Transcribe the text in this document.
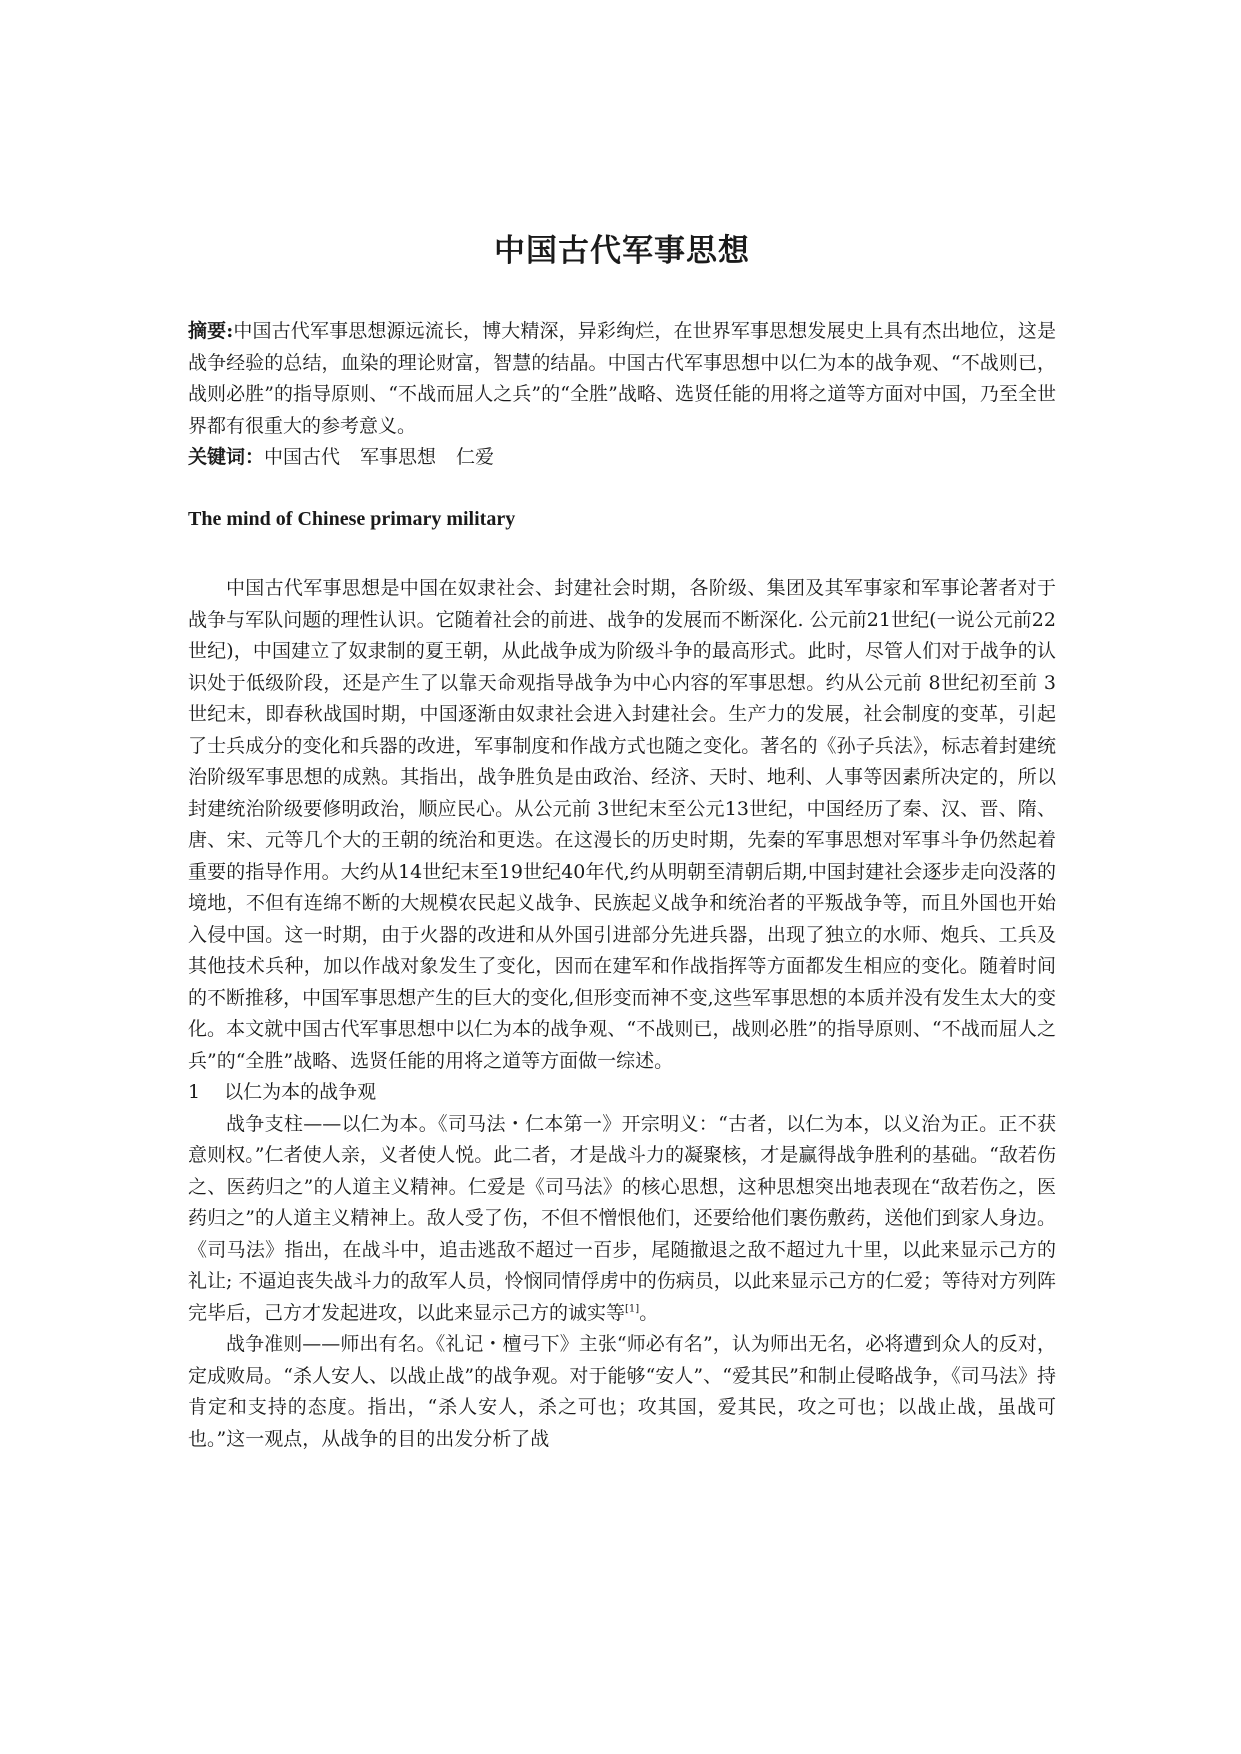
中国古代军事思想
摘要:中国古代军事思想源远流长，博大精深，异彩绚烂，在世界军事思想发展史上具有杰出地位，这是战争经验的总结，血染的理论财富，智慧的结晶。中国古代军事思想中以仁为本的战争观、“不战则已，战则必胜”的指导原则、“不战而屈人之兵”的“全胜”战略、选贤任能的用将之道等方面对中国，乃至全世界都有很重大的参考意义。
关键词：中国古代 军事思想 仁爱
The mind of Chinese primary military

中国古代军事思想是中国在奴隶社会、封建社会时期，各阶级、集团及其军事家和军事论著者对于战争与军队问题的理性认识。它随着社会的前进、战争的发展而不断深化. 公元前21世纪(一说公元前22世纪)，中国建立了奴隶制的夏王朝，从此战争成为阶级斗争的最高形式。此时，尽管人们对于战争的认识处于低级阶段，还是产生了以靠天命观指导战争为中心内容的军事思想。约从公元前 8世纪初至前 3世纪末，即春秋战国时期，中国逐渐由奴隶社会进入封建社会。生产力的发展，社会制度的变革，引起了士兵成分的变化和兵器的改进，军事制度和作战方式也随之变化。著名的《孙子兵法》，标志着封建统治阶级军事思想的成熟。其指出，战争胜负是由政治、经济、天时、地利、人事等因素所决定的，所以封建统治阶级要修明政治，顺应民心。从公元前 3世纪末至公元13世纪，中国经历了秦、汉、晋、隋、唐、宋、元等几个大的王朝的统治和更迭。在这漫长的历史时期，先秦的军事思想对军事斗争仍然起着重要的指导作用。大约从14世纪末至19世纪40年代,约从明朝至清朝后期,中国封建社会逐步走向没落的境地，不但有连绵不断的大规模农民起义战争、民族起义战争和统治者的平叛战争等，而且外国也开始入侵中国。这一时期，由于火器的改进和从外国引进部分先进兵器，出现了独立的水师、炮兵、工兵及其他技术兵种，加以作战对象发生了变化，因而在建军和作战指挥等方面都发生相应的变化。随着时间的不断推移，中国军事思想产生的巨大的变化,但形变而神不变,这些军事思想的本质并没有发生太大的变化。本文就中国古代军事思想中以仁为本的战争观、“不战则已，战则必胜”的指导原则、“不战而屈人之兵”的“全胜”战略、选贤任能的用将之道等方面做一综述。

1 以仁为本的战争观

战争支柱——以仁为本。《司马法・仁本第一》开宗明义：“古者，以仁为本，以义治为正。正不获意则权。”仁者使人亲，义者使人悦。此二者，才是战斗力的凝聚核，才是赢得战争胜利的基础。“敌若伤之、医药归之”的人道主义精神。仁爱是《司马法》的核心思想，这种思想突出地表现在“敌若伤之，医药归之”的人道主义精神上。敌人受了伤，不但不憎恨他们，还要给他们裹伤敷药，送他们到家人身边。《司马法》指出，在战斗中，追击逃敌不超过一百步，尾随撤退之敌不超过九十里，以此来显示己方的礼让; 不逼迫丧失战斗力的敌军人员，怜悯同情俘虏中的伤病员，以此来显示己方的仁爱；等待对方列阵完毕后，己方才发起进攻，以此来显示己方的诚实等[1]。

战争准则——师出有名。《礼记・檀弓下》主张“师必有名”，认为师出无名，必将遭到众人的反对，定成败局。“杀人安人、以战止战”的战争观。对于能够“安人”、“爱其民”和制止侵略战争，《司马法》持肯定和支持的态度。指出，“杀人安人，杀之可也；攻其国，爱其民，攻之可也；以战止战，虽战可也。”这一观点，从战争的目的出发分析了战
